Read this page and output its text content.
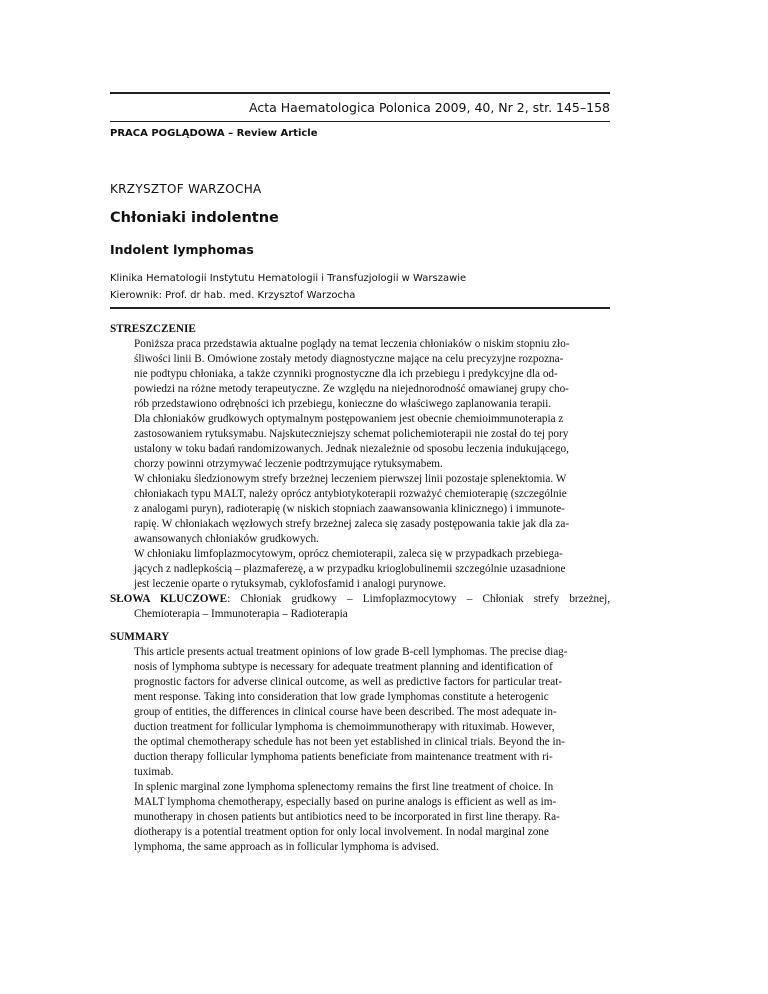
Acta Haematologica Polonica 2009, 40, Nr 2, str. 145–158
PRACA POGLĄDOWA – Review Article
KRZYSZTOF WARZOCHA
Chłoniaki indolentne
Indolent lymphomas
Klinika Hematologii Instytutu Hematologii i Transfuzjologii w Warszawie
Kierownik: Prof. dr hab. med. Krzysztof Warzocha
STRESZCZENIE
Poniższa praca przedstawia aktualne poglądy na temat leczenia chłoniaków o niskim stopniu zło-
śliwości linii B. Omówione zostały metody diagnostyczne mające na celu precyzyjne rozpozna-
nie podtypu chłoniaka, a także czynniki prognostyczne dla ich przebiegu i predykcyjne dla od-
powiedzi na różne metody terapeutyczne. Ze względu na niejednorodność omawianej grupy cho-
rób przedstawiono odrębności ich przebiegu, konieczne do właściwego zaplanowania terapii.
Dla chłoniaków grudkowych optymalnym postępowaniem jest obecnie chemioimmunoterapia z
zastosowaniem rytuksymabu. Najskuteczniejszy schemat polichemioterapii nie został do tej pory
ustalony w toku badań randomizowanych. Jednak niezależnie od sposobu leczenia indukującego,
chorzy powinni otrzymywać leczenie podtrzymujące rytuksymabem.
W chłoniaku śledzionowym strefy brzeżnej leczeniem pierwszej linii pozostaje splenektomia. W
chłoniakach typu MALT, należy oprócz antybiotykoterapii rozważyć chemioterapię (szczególnie
z analogami puryn), radioterapię (w niskich stopniach zaawansowania klinicznego) i immunote-
rapię. W chłoniakach węzłowych strefy brzeżnej zaleca się zasady postępowania takie jak dla za-
awansowanych chłoniaków grudkowych.
W chłoniaku limfoplazmocytowym, oprócz chemioterapii, zaleca się w przypadkach przebiega-
jących z nadlepkością – plazmaferezę, a w przypadku krioglobulinemii szczególnie uzasadnione
jest leczenie oparte o rytuksymab, cyklofosfamid i analogi purynowe.
SŁOWA KLUCZOWE: Chłoniak grudkowy – Limfoplazmocytowy – Chłoniak strefy brzeżnej, Chemioterapia – Immunoterapia – Radioterapia
SUMMARY
This article presents actual treatment opinions of low grade B-cell lymphomas. The precise diag-
nosis of lymphoma subtype is necessary for adequate treatment planning and identification of
prognostic factors for adverse clinical outcome, as well as predictive factors for particular treat-
ment response. Taking into consideration that low grade lymphomas constitute a heterogenic
group of entities, the differences in clinical course have been described. The most adequate in-
duction treatment for follicular lymphoma is chemoimmunotherapy with rituximab. However,
the optimal chemotherapy schedule has not been yet established in clinical trials. Beyond the in-
duction therapy follicular lymphoma patients beneficiate from maintenance treatment with ri-
tuximab.
In splenic marginal zone lymphoma splenectomy remains the first line treatment of choice. In
MALT lymphoma chemotherapy, especially based on purine analogs is efficient as well as im-
munotherapy in chosen patients but antibiotics need to be incorporated in first line therapy. Ra-
diotherapy is a potential treatment option for only local involvement. In nodal marginal zone
lymphoma, the same approach as in follicular lymphoma is advised.
